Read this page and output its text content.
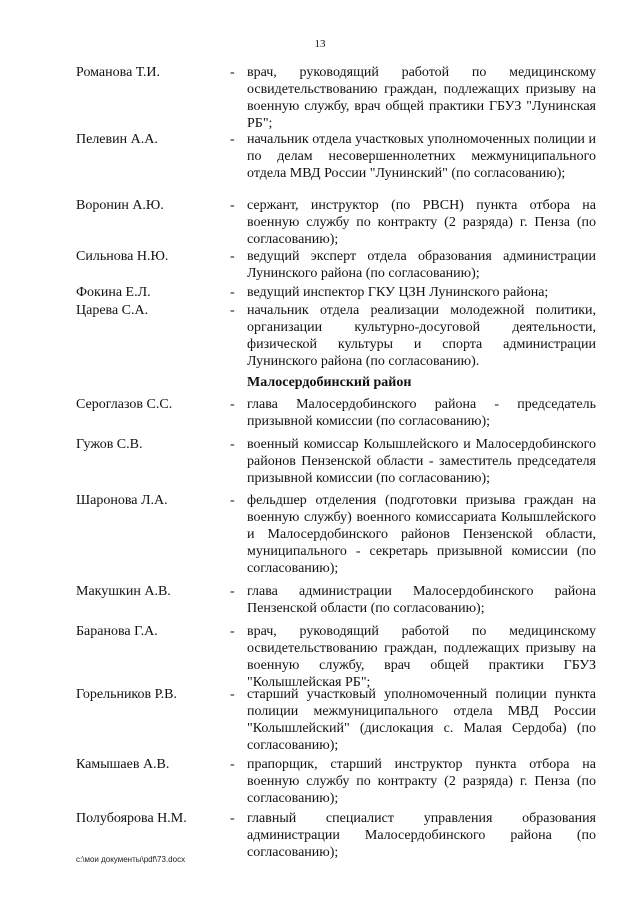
13
Романова Т.И.	- врач, руководящий работой по медицинскому освидетельствованию граждан, подлежащих призыву на военную службу, врач общей практики ГБУЗ "Лунинская РБ";
Пелевин А.А.	- начальник отдела участковых уполномоченных полиции и по делам несовершеннолетних межмуниципального отдела МВД России "Лунинский" (по согласованию);
Воронин А.Ю.	- сержант, инструктор (по РВСН) пункта отбора на военную службу по контракту (2 разряда) г. Пенза (по согласованию);
Сильнова Н.Ю.	- ведущий эксперт отдела образования администрации Лунинского района (по согласованию);
Фокина Е.Л.	- ведущий инспектор ГКУ ЦЗН Лунинского района;
Царева С.А.	- начальник отдела реализации молодежной политики, организации культурно-досуговой деятельности, физической культуры и спорта администрации Лунинского района (по согласованию).
Малосердобинский район
Сероглазов С.С.	- глава Малосердобинского района - председатель призывной комиссии (по согласованию);
Гужов С.В.	- военный комиссар Колышлейского и Малосердобинского районов Пензенской области - заместитель председателя призывной комиссии (по согласованию);
Шаронова Л.А.	- фельдшер отделения (подготовки призыва граждан на военную службу) военного комиссариата Колышлейского и Малосердобинского районов Пензенской области, муниципального - секретарь призывной комиссии (по согласованию);
Макушкин А.В.	- глава администрации Малосердобинского района Пензенской области (по согласованию);
Баранова Г.А.	- врач, руководящий работой по медицинскому освидетельствованию граждан, подлежащих призыву на военную службу, врач общей практики ГБУЗ "Колышлейская РБ";
Горельников Р.В.	- старший участковый уполномоченный полиции пункта полиции межмуниципального отдела МВД России "Колышлейский" (дислокация с. Малая Сердоба) (по согласованию);
Камышаев А.В.	- прапорщик, старший инструктор пункта отбора на военную службу по контракту (2 разряда) г. Пенза (по согласованию);
Полубоярова Н.М.	- главный специалист управления образования администрации Малосердобинского района (по согласованию);
c:\мои документы\pdf\73.docx
